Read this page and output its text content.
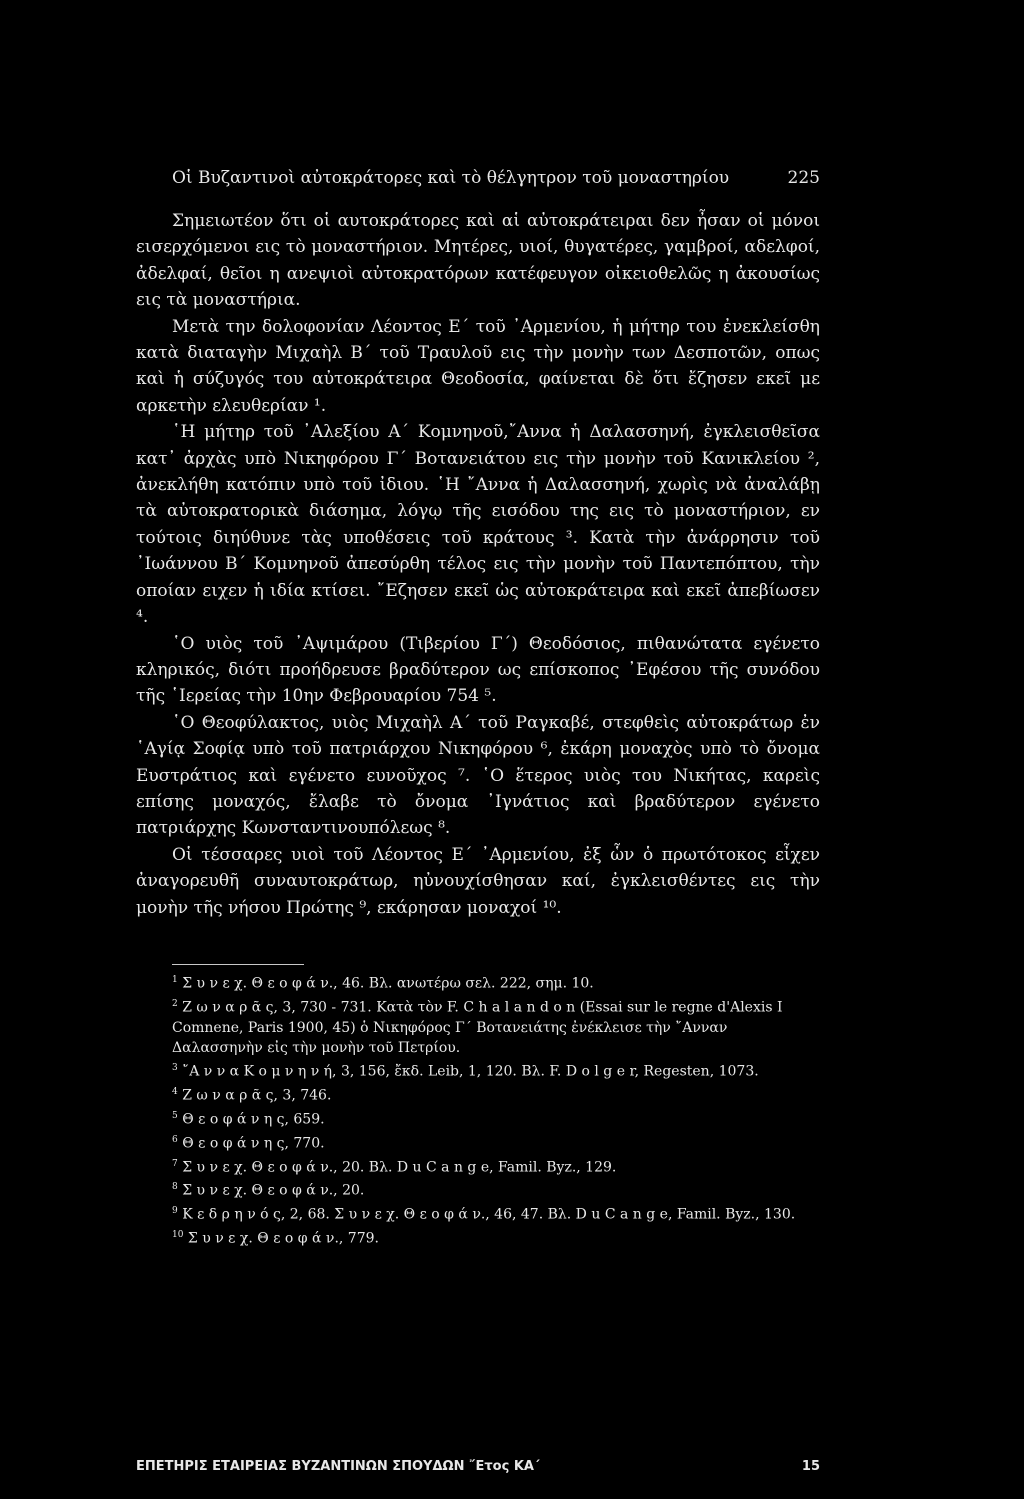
Οἱ Βυζαντινοὶ αὐτοκράτορες καὶ τὸ θέλγητρον τοῦ μοναστηρίου	225

Σημειωτέον ὅτι οἱ αυτοκράτορες καὶ αἱ αὐτοκράτειραι δεν ἦσαν οἱ μόνοι εισερχόμενοι εις τὸ μοναστήριον. Μητέρες, υιοί, θυγατέρες, γαμβροί, αδελφοί, ἀδελφαί, θεῖοι η ανεψιοὶ αὐτοκρατόρων κατέφευγον οἰκειοθελῶς η ἀκουσίως εις τὰ μοναστήρια.

Μετὰ την δολοφονίαν Λέοντος Ε΄ τοῦ ᾿Αρμενίου, ἡ μήτηρ του ἐνεκλείσθη κατὰ διαταγὴν Μιχαὴλ Β΄ τοῦ Τραυλοῦ εις τὴν μονὴν των Δεσποτῶν, οπως καὶ ἡ σύζυγός του αὐτοκράτειρα Θεοδοσία, φαίνεται δὲ ὅτι ἔζησεν εκεῖ με αρκετὴν ελευθερίαν ¹.

῾Η μήτηρ τοῦ ᾿Αλεξίου Α΄ Κομνηνοῦ,῎Αννα ἡ Δαλασσηνή, ἐγκλεισθεῖσα κατ᾿ ἀρχὰς υπὸ Νικηφόρου Γ΄ Βοτανειάτου εις τὴν μονὴν τοῦ Κανικλείου ², ἀνεκλήθη κατόπιν υπὸ τοῦ ἰδιου. ῾Η ῎Αννα ἡ Δαλασσηνή, χωρὶς νὰ ἀναλάβῃ τὰ αὐτοκρατορικὰ διάσημα, λόγῳ τῆς εισόδου της εις τὸ μοναστήριον, εν τούτοις διηύθυνε τὰς υποθέσεις τοῦ κράτους ³. Κατὰ τὴν ἀνάρρησιν τοῦ ᾿Ιωάννου Β΄ Κομνηνοῦ ἀπεσύρθη τέλος εις τὴν μονὴν τοῦ Παντεπόπτου, τὴν οποίαν ειχεν ἡ ιδία κτίσει. ῎Εζησεν εκεῖ ὡς αὐτοκράτειρα καὶ εκεῖ ἀπεβίωσεν ⁴.

῾Ο υιὸς τοῦ ᾿Αψιμάρου (Τιβερίου Γ΄) Θεοδόσιος, πιθανώτατα εγένετο κληρικός, διότι προήδρευσε βραδύτερον ως επίσκοπος ᾿Εφέσου τῆς συνόδου τῆς ῾Ιερείας τὴν 10ην Φεβρουαρίου 754 ⁵.

῾Ο Θεοφύλακτος, υιὸς Μιχαὴλ Α΄ τοῦ Ραγκαβέ, στεφθεὶς αὐτοκράτωρ ἐν ῾Αγίᾳ Σοφίᾳ υπὸ τοῦ πατριάρχου Νικηφόρου ⁶, ἐκάρη μοναχὸς υπὸ τὸ ὄνομα Ευστράτιος καὶ εγένετο ευνοῦχος ⁷. ῾Ο ἕτερος υιὸς του Νικήτας, καρεὶς επίσης μοναχός, ἔλαβε τὸ ὄνομα ᾿Ιγνάτιος καὶ βραδύτερον εγένετο πατριάρχης Κωνσταντινουπόλεως ⁸.

Οἱ τέσσαρες υιοὶ τοῦ Λέοντος Ε΄ ᾿Αρμενίου, ἐξ ὧν ὁ πρωτότοκος εἶχεν ἀναγορευθῆ συναυτοκράτωρ, ηὐνουχίσθησαν καί, ἐγκλεισθέντες εις τὴν μονὴν τῆς νήσου Πρώτης ⁹, εκάρησαν μοναχοί ¹⁰.

$^1$ Σ υ ν ε χ. Θ ε ο φ ά ν., 46. Βλ. ανωτέρω σελ. 222, σημ. 10.

$^2$ Ζ ω ν α ρ ᾶ ς, 3, 730 - 731. Κατὰ τὸν F. C h a l a n d o n (Essai sur le regne d'Alexis I Comnene, Paris 1900, 45) ὁ Νικηφόρος Γ΄ Βοτανειάτης ἐνέκλεισε τὴν ῎Ανναν Δαλασσηνὴν εἰς τὴν μονὴν τοῦ Πετρίου.

$^3$ ῎Α ν ν α Κ ο μ ν η ν ή, 3, 156, ἔκδ. Leib, 1, 120. Βλ. F. D o l g e r, Regesten, 1073.

$^4$ Ζ ω ν α ρ ᾶ ς, 3, 746.

$^5$ Θ ε ο φ ά ν η ς, 659.

$^6$ Θ ε ο φ ά ν η ς, 770.

$^7$ Σ υ ν ε χ. Θ ε ο φ ά ν., 20. Βλ. D u C a n g e, Famil. Byz., 129.

$^8$ Σ υ ν ε χ. Θ ε ο φ ά ν., 20.

$^9$ Κ ε δ ρ η ν ό ς, 2, 68. Σ υ ν ε χ. Θ ε ο φ ά ν., 46, 47. Βλ. D u C a n g e, Famil. Byz., 130.

$^{10}$ Σ υ ν ε χ. Θ ε ο φ ά ν., 779.

ΕΠΕΤΗΡΙΣ ΕΤΑΙΡΕΙΑΣ ΒΥΖΑΝΤΙΝΩΝ ΣΠΟΥΔΩΝ ῎Ετος ΚΑ΄	15
